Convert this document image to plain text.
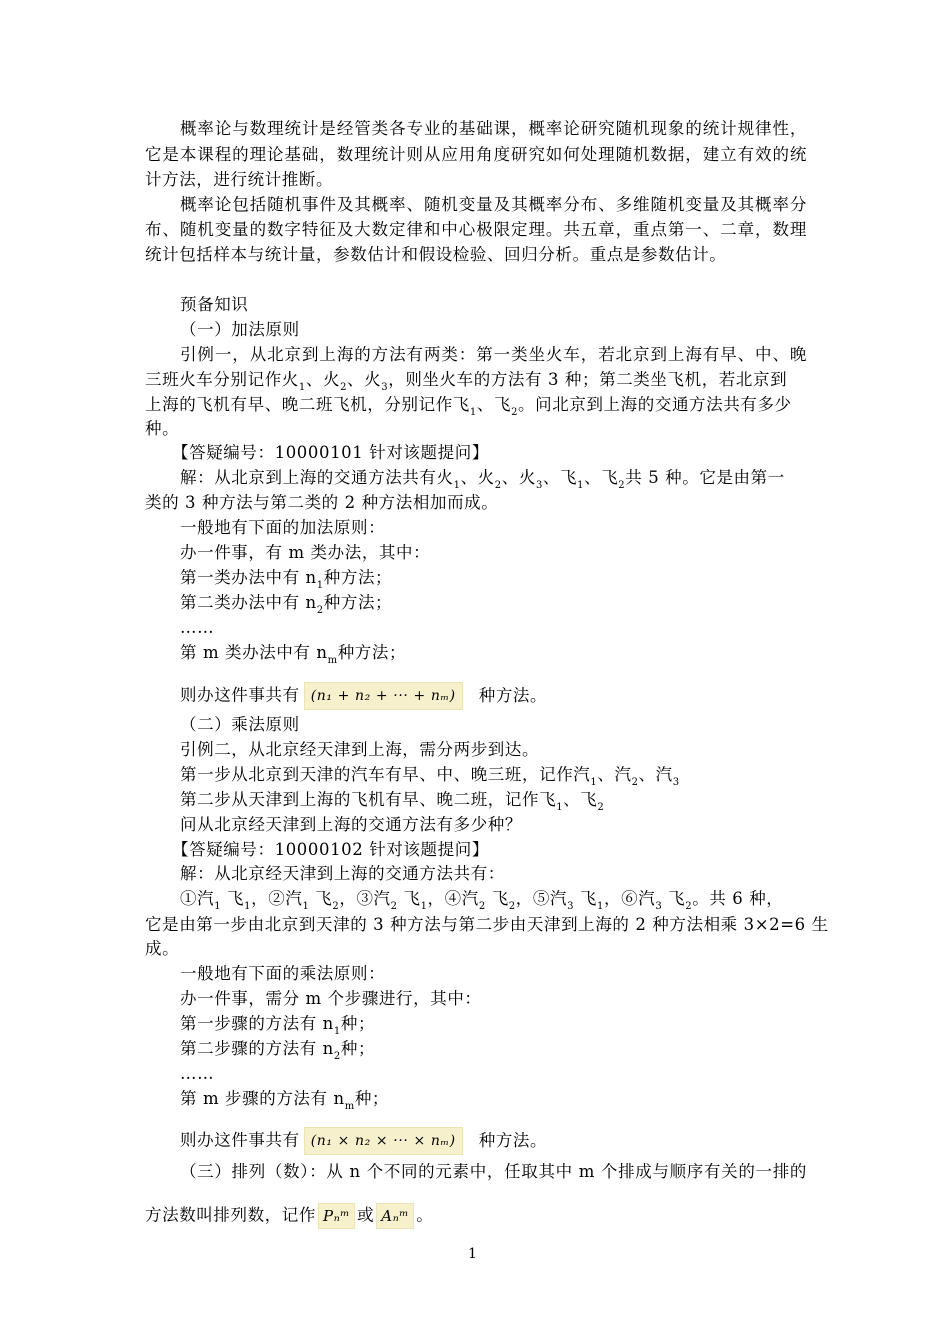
概率论与数理统计是经管类各专业的基础课，概率论研究随机现象的统计规律性，
它是本课程的理论基础，数理统计则从应用角度研究如何处理随机数据，建立有效的统
计方法，进行统计推断。
概率论包括随机事件及其概率、随机变量及其概率分布、多维随机变量及其概率分
布、随机变量的数字特征及大数定律和中心极限定理。共五章，重点第一、二章，数理
统计包括样本与统计量，参数估计和假设检验、回归分析。重点是参数估计。
预备知识
（一）加法原则
引例一，从北京到上海的方法有两类：第一类坐火车，若北京到上海有早、中、晚
三班火车分别记作火$_1$、火$_2$、火$_3$，则坐火车的方法有 3 种；第二类坐飞机，若北京到
上海的飞机有早、晚二班飞机，分别记作飞$_1$、飞$_2$。问北京到上海的交通方法共有多少
种。
【答疑编号：10000101 针对该题提问】
解：从北京到上海的交通方法共有火$_1$、火$_2$、火$_3$、飞$_1$、飞$_2$共 5 种。它是由第一
类的 3 种方法与第二类的 2 种方法相加而成。
一般地有下面的加法原则：
办一件事，有 m 类办法，其中：
第一类办法中有 $n_1$种方法；
第二类办法中有 $n_2$种方法；
……
第 m 类办法中有 $n_m$种方法；
则办这件事共有 (n₁ + n₂ + ··· + nₘ) 种方法。
（二）乘法原则
引例二，从北京经天津到上海，需分两步到达。
第一步从北京到天津的汽车有早、中、晚三班，记作汽$_1$、汽$_2$、汽$_3$
第二步从天津到上海的飞机有早、晚二班，记作飞$_1$、飞$_2$
问从北京经天津到上海的交通方法有多少种？
【答疑编号：10000102 针对该题提问】
解：从北京经天津到上海的交通方法共有：
①汽$_1$ 飞$_1$，②汽$_1$ 飞$_2$，③汽$_2$ 飞$_1$，④汽$_2$ 飞$_2$，⑤汽$_3$ 飞$_1$，⑥汽$_3$ 飞$_2$。共 6 种，
它是由第一步由北京到天津的 3 种方法与第二步由天津到上海的 2 种方法相乘 3×2=6 生
成。
一般地有下面的乘法原则：
办一件事，需分 m 个步骤进行，其中：
第一步骤的方法有 $n_1$种；
第二步骤的方法有 $n_2$种；
……
第 m 步骤的方法有 $n_m$种；
则办这件事共有 (n₁ × n₂ × ··· × nₘ) 种方法。
（三）排列（数）：从 n 个不同的元素中，任取其中 m 个排成与顺序有关的一排的
方法数叫排列数，记作 Pₙᵐ 或 Aₙᵐ 。
1
